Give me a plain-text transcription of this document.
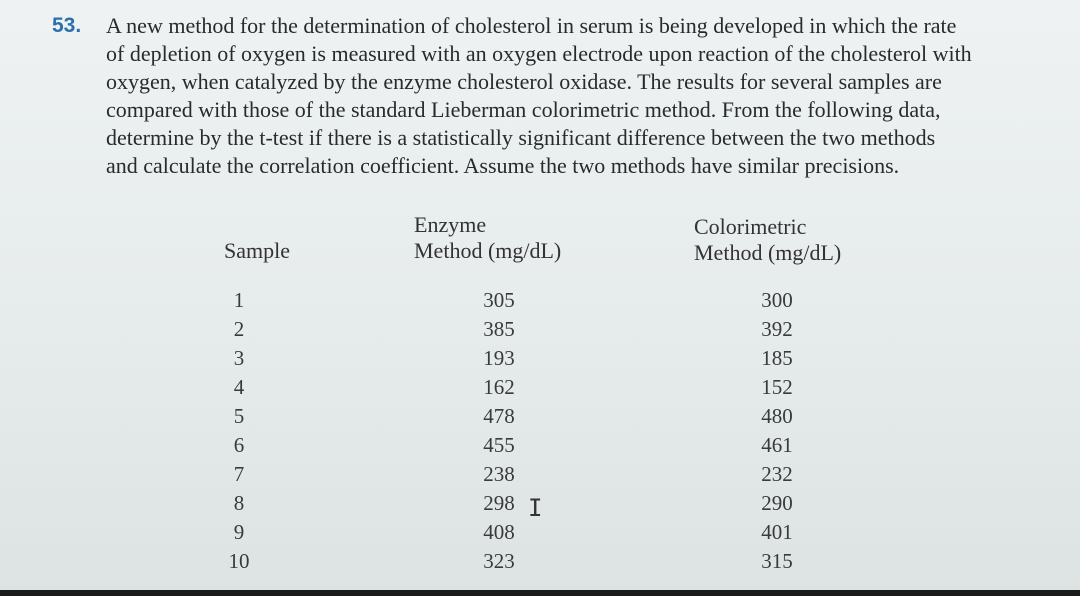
53. A new method for the determination of cholesterol in serum is being developed in which the rate
of depletion of oxygen is measured with an oxygen electrode upon reaction of the cholesterol with
oxygen, when catalyzed by the enzyme cholesterol oxidase. The results for several samples are
compared with those of the standard Lieberman colorimetric method. From the following data,
determine by the t-test if there is a statistically significant difference between the two methods
and calculate the correlation coefficient. Assume the two methods have similar precisions.
Sample
Enzyme
Method (mg/dL)
Colorimetric
Method (mg/dL)
1
2
3
4
5
6
7
8
9
10
305
385
193
162
478
455
238
298
408
323
300
392
185
152
480
461
232
290
401
315
I
